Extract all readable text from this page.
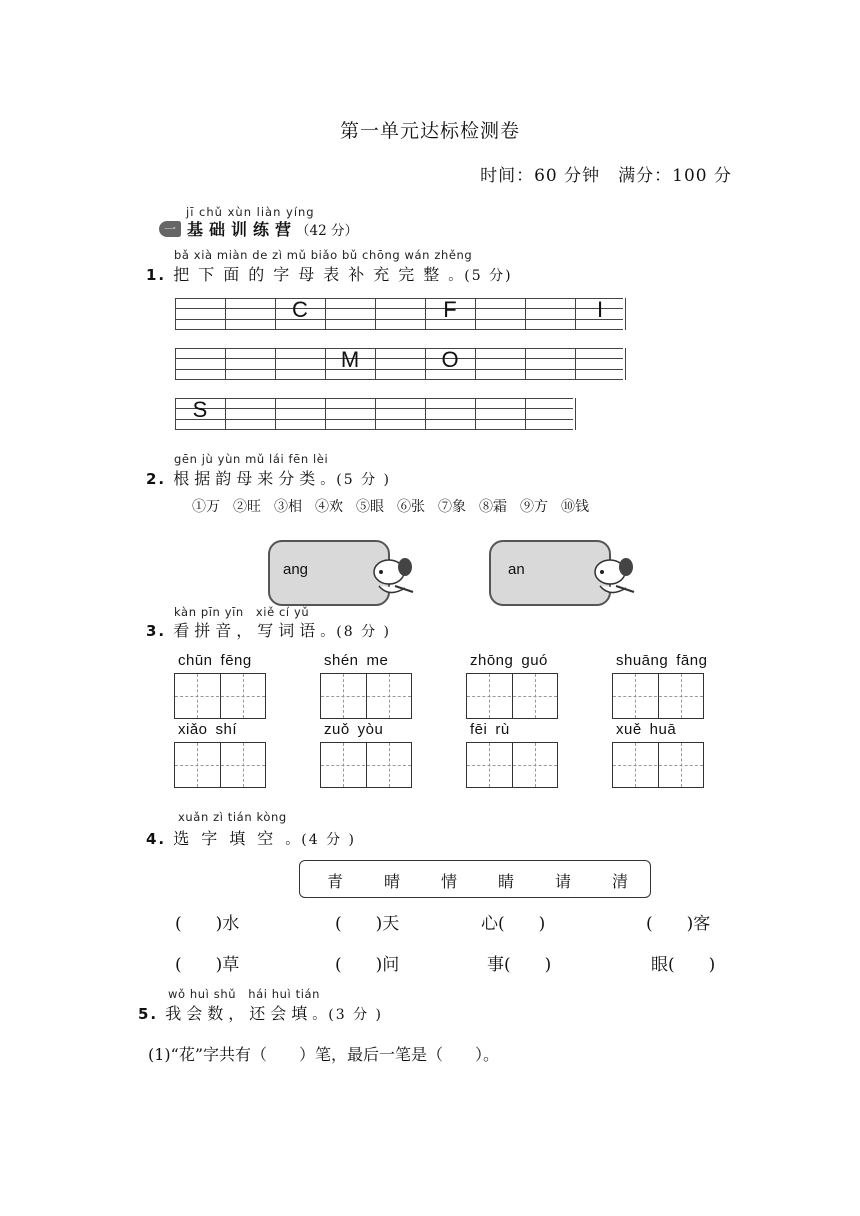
第一单元达标检测卷
时间：60 分钟　满分：100 分
jī chǔ xùn liàn yíng
一 基础训练营
（42 分）
bǎ xià miàn de zì mǔ biǎo bǔ chōng wán zhěng
1. 把下面的字母表补充完整。(5 分)
C	F	I
M	O
S
gēn jù yùn mǔ lái fēn lèi
2. 根据韵母来分类。(5 分 )
①万 ②旺 ③相 ④欢 ⑤眼 ⑥张 ⑦象 ⑧霜 ⑨方 ⑩钱
ang	an
kàn pīn yīn　xiě cí yǔ
3. 看拼音，写词语。(8 分 )
chūn fēng	shén me	zhōng guó	shuāng fāng
xiǎo shí	zuǒ yòu	fēi rù	xuě huā
xuǎn zì tián kòng
4. 选字填空。(4 分 )
青	晴	情	睛	请	清
(　　)水	(　　)天	心(　　)	(　　)客
(　　)草	(　　)问	事(　　)	眼(　　)
wǒ huì shǔ　hái huì tián
5. 我会数，还会填。(3 分 )
(1)“花”字共有（　　）笔，最后一笔是（　　）。
